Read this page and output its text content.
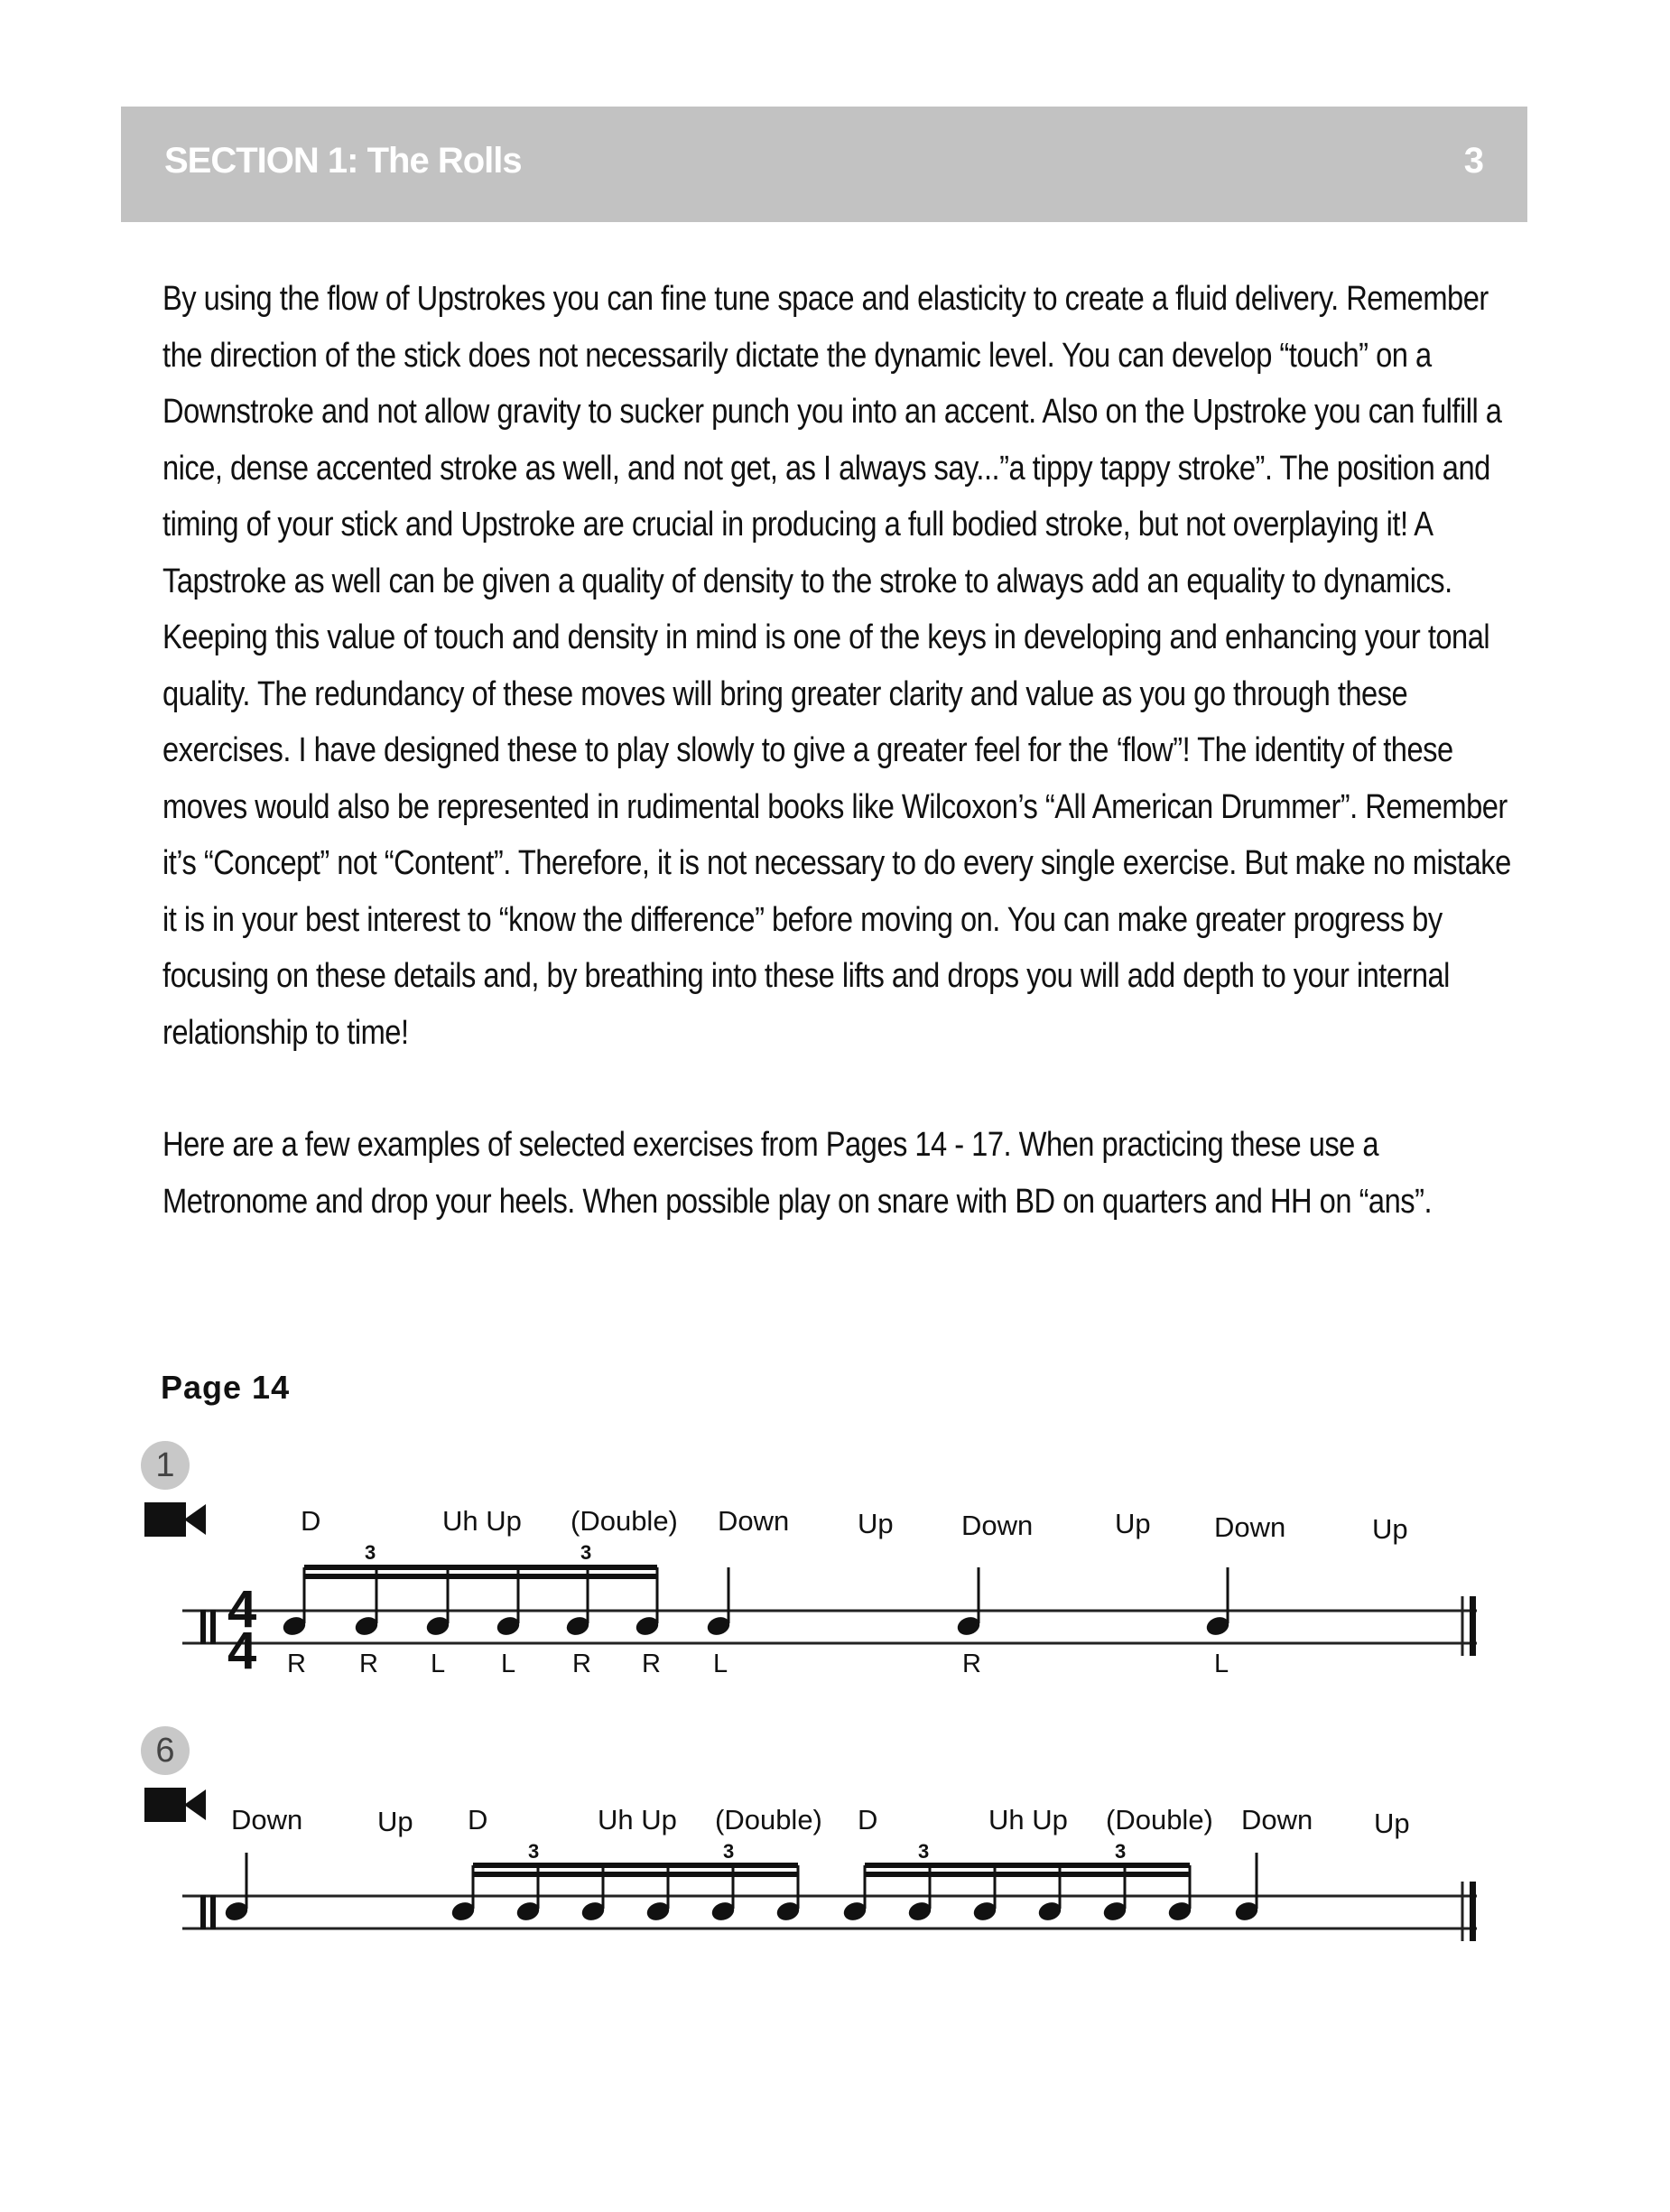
SECTION 1: The Rolls	3

By using the flow of Upstrokes you can fine tune space and elasticity to create a fluid delivery. Remember the direction of the stick does not necessarily dictate the dynamic level. You can develop “touch” on a Downstroke and not allow gravity to sucker punch you into an accent. Also on the Upstroke you can fulfill a nice, dense accented stroke as well, and not get, as I always say...”a tippy tappy stroke”. The position and timing of your stick and Upstroke are crucial in producing a full bodied stroke, but not overplaying it! A Tapstroke as well can be given a quality of density to the stroke to always add an equality to dynamics. Keeping this value of touch and density in mind is one of the keys in developing and enhancing your tonal quality. The redundancy of these moves will bring greater clarity and value as you go through these exercises. I have designed these to play slowly to give a greater feel for the ‘flow”! The identity of these moves would also be represented in rudimental books like Wilcoxon’s “All American Drummer”. Remember it’s “Concept” not “Content”. Therefore, it is not necessary to do every single exercise. But make no mistake it is in your best interest to “know the difference” before moving on. You can make greater progress by focusing on these details and, by breathing into these lifts and drops you will add depth to your internal relationship to time!

Here are a few examples of selected exercises from Pages 14 - 17. When practicing these use a Metronome and drop your heels. When possible play on snare with BD on quarters and HH on “ans”.

Page 14
1
6
4
4
D	Uh Up (Double) Down Up Down	Up Down	Up
3	3
R R L L R R L	R	L
Down	Up D	Uh Up (Double) D	Uh Up (Double) Down Up
3	3	3	3
